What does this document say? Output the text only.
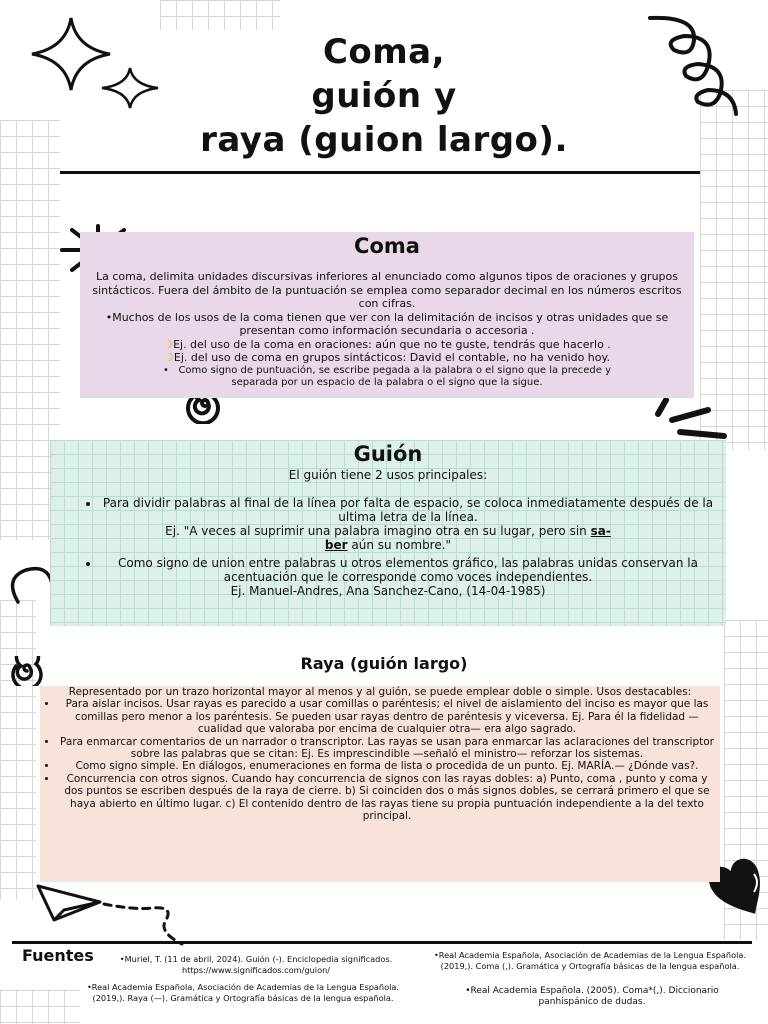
Coma,
guión y
raya (guion largo).
Coma

La coma, delimita unidades discursivas inferiores al enunciado como algunos tipos de oraciones y grupos sintácticos. Fuera del ámbito de la puntuación se emplea como separador decimal en los números escritos con cifras.

•Muchos de los usos de la coma tienen que ver con la delimitación de incisos y otras unidades que se presentan como información secundaria o accesoria .

☽Ej. del uso de la coma en oraciones: aún que no te guste, tendrás que hacerlo .

☽Ej. del uso de coma en grupos sintácticos: David el contable, no ha venido hoy.

•   Como signo de puntuación, se escribe pegada a la palabra o el signo que la precede y separada por un espacio de la palabra o el signo que la sigue.

Guión

El guión tiene 2 usos principales:

• Para dividir palabras al final de la línea por falta de espacio, se coloca inmediatamente después de la ultima letra de la línea.

Ej. "A veces al suprimir una palabra imagino otra en su lugar, pero sin sa-
ber aún su nombre."

• Como signo de union entre palabras u otros elementos gráfico, las palabras unidas conservan la acentuación que le corresponde como voces independientes.

Ej. Manuel-Andres, Ana Sanchez-Cano, (14-04-1985)

Raya (guión largo)

Representado por un trazo horizontal mayor al menos y al guión, se puede emplear doble o simple. Usos destacables:

• Para aislar incisos. Usar rayas es parecido a usar comillas o paréntesis; el nivel de aislamiento del inciso es mayor que las comillas pero menor a los paréntesis. Se pueden usar rayas dentro de paréntesis y viceversa. Ej. Para él la fidelidad —cualidad que valoraba por encima de cualquier otra— era algo sagrado.
• Para enmarcar comentarios de un narrador o transcriptor. Las rayas se usan para enmarcar las aclaraciones del transcriptor sobre las palabras que se citan: Ej. Es imprescindible —señaló el ministro— reforzar los sistemas.
• Como signo simple. En diálogos, enumeraciones en forma de lista o procedida de un punto. Ej. MARÍA.— ¿Dónde vas?.
• Concurrencia con otros signos. Cuando hay concurrencia de signos con las rayas dobles: a) Punto, coma , punto y coma y dos puntos se escriben después de la raya de cierre. b) Si coinciden dos o más signos dobles, se cerrará primero el que se haya abierto en último lugar. c) El contenido dentro de las rayas tiene su propia puntuación independiente a la del texto principal.
Fuentes	•Muriel, T. (11 de abril, 2024). Guión (-). Enciclopedia significados. https://www.significados.com/guion/
•Real Academia Española, Asociación de Academias de la Lengua Española. (2019,). Raya (—). Gramática y Ortografía básicas de la lengua española.
•Real Academia Española, Asociación de Academias de la Lengua Española. (2019,). Coma (,). Gramática y Ortografía básicas de la lengua española.
•Real Academia Española. (2005). Coma*(,). Diccionario panhispánico de dudas.
